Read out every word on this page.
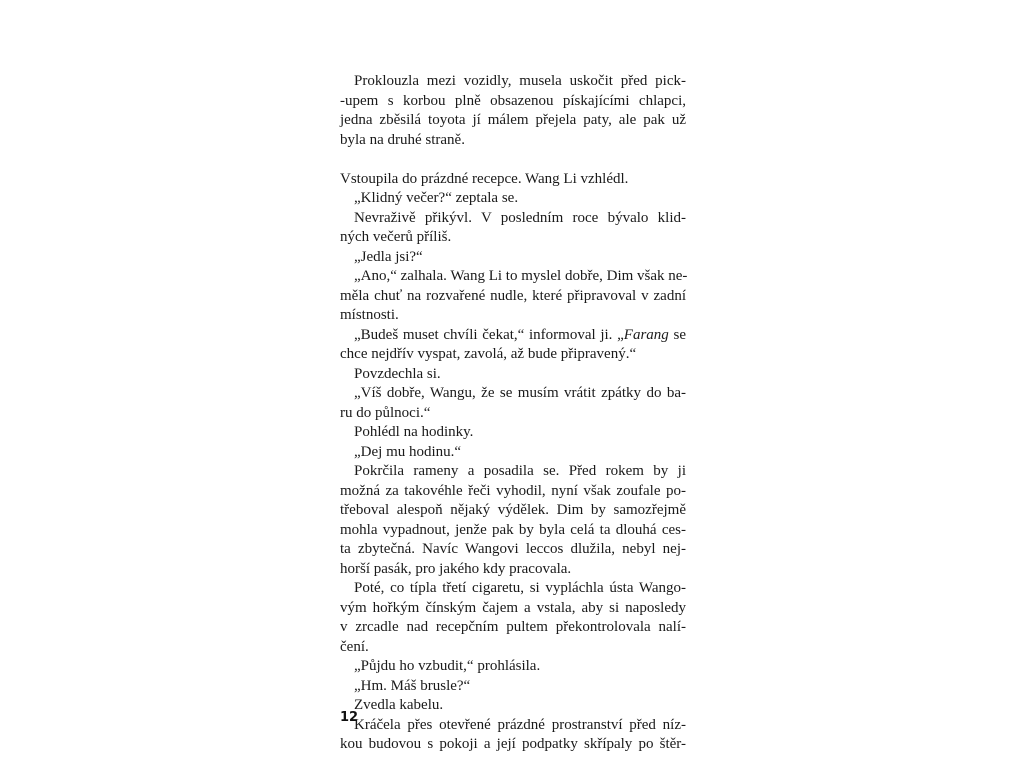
Proklouzla mezi vozidly, musela uskočit před pick-
-upem s korbou plně obsazenou pískajícími chlapci,
jedna zběsilá toyota jí málem přejela paty, ale pak už
byla na druhé straně.
Vstoupila do prázdné recepce. Wang Li vzhlédl.
„Klidný večer?“ zeptala se.
Nevraživě přikývl. V posledním roce bývalo klid-
ných večerů příliš.
„Jedla jsi?“
„Ano,“ zalhala. Wang Li to myslel dobře, Dim však ne-
měla chuť na rozvařené nudle, které připravoval v zadní
místnosti.
„Budeš muset chvíli čekat,“ informoval ji. „Farang se
chce nejdřív vyspat, zavolá, až bude připravený.“
Povzdechla si.
„Víš dobře, Wangu, že se musím vrátit zpátky do ba-
ru do půlnoci.“
Pohlédl na hodinky.
„Dej mu hodinu.“
Pokrčila rameny a posadila se. Před rokem by ji
možná za takovéhle řeči vyhodil, nyní však zoufale po-
třeboval alespoň nějaký výdělek. Dim by samozřejmě
mohla vypadnout, jenže pak by byla celá ta dlouhá ces-
ta zbytečná. Navíc Wangovi leccos dlužila, nebyl nej-
horší pasák, pro jakého kdy pracovala.
Poté, co típla třetí cigaretu, si vypláchla ústa Wango-
vým hořkým čínským čajem a vstala, aby si naposledy
v zrcadle nad recepčním pultem překontrolovala nalí-
čení.
„Půjdu ho vzbudit,“ prohlásila.
„Hm. Máš brusle?“
Zvedla kabelu.
Kráčela přes otevřené prázdné prostranství před níz-
kou budovou s pokoji a její podpatky skřípaly po štěr-
12
